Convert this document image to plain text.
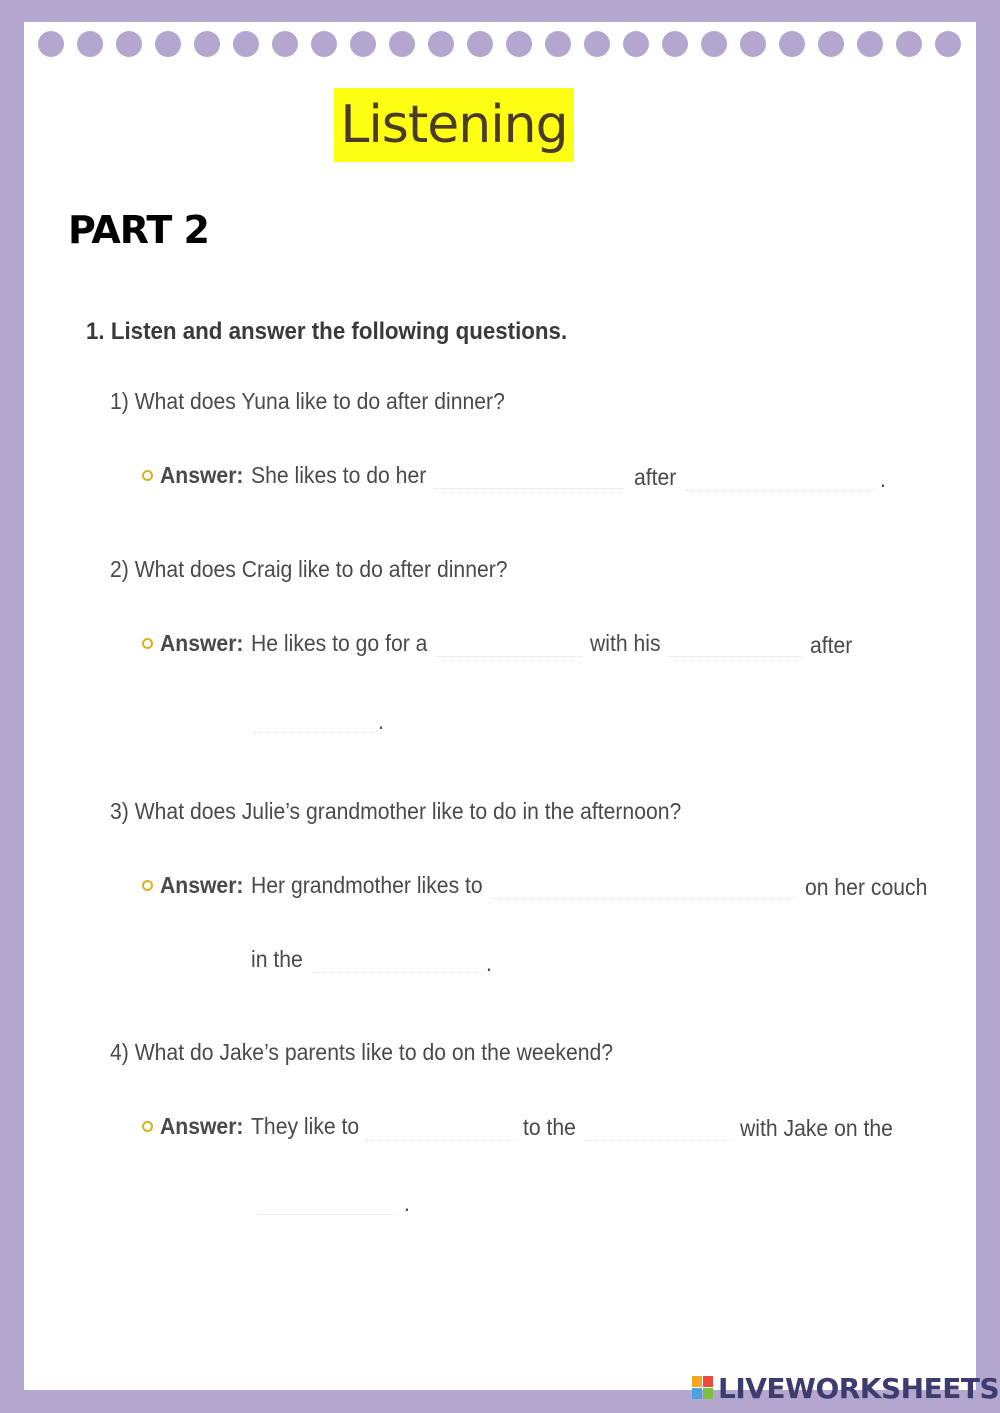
Listening
PART 2
1. Listen and answer the following questions.
1) What does Yuna like to do after dinner?
Answer: She likes to do her	after	.
2) What does Craig like to do after dinner?
Answer: He likes to go for a	with his	after
.
3) What does Julie’s grandmother like to do in the afternoon?
Answer: Her grandmother likes to	on her couch
in the	.
4) What do Jake’s parents like to do on the weekend?
Answer: They like to	to the	with Jake on the
.
LIVEWORKSHEETS
